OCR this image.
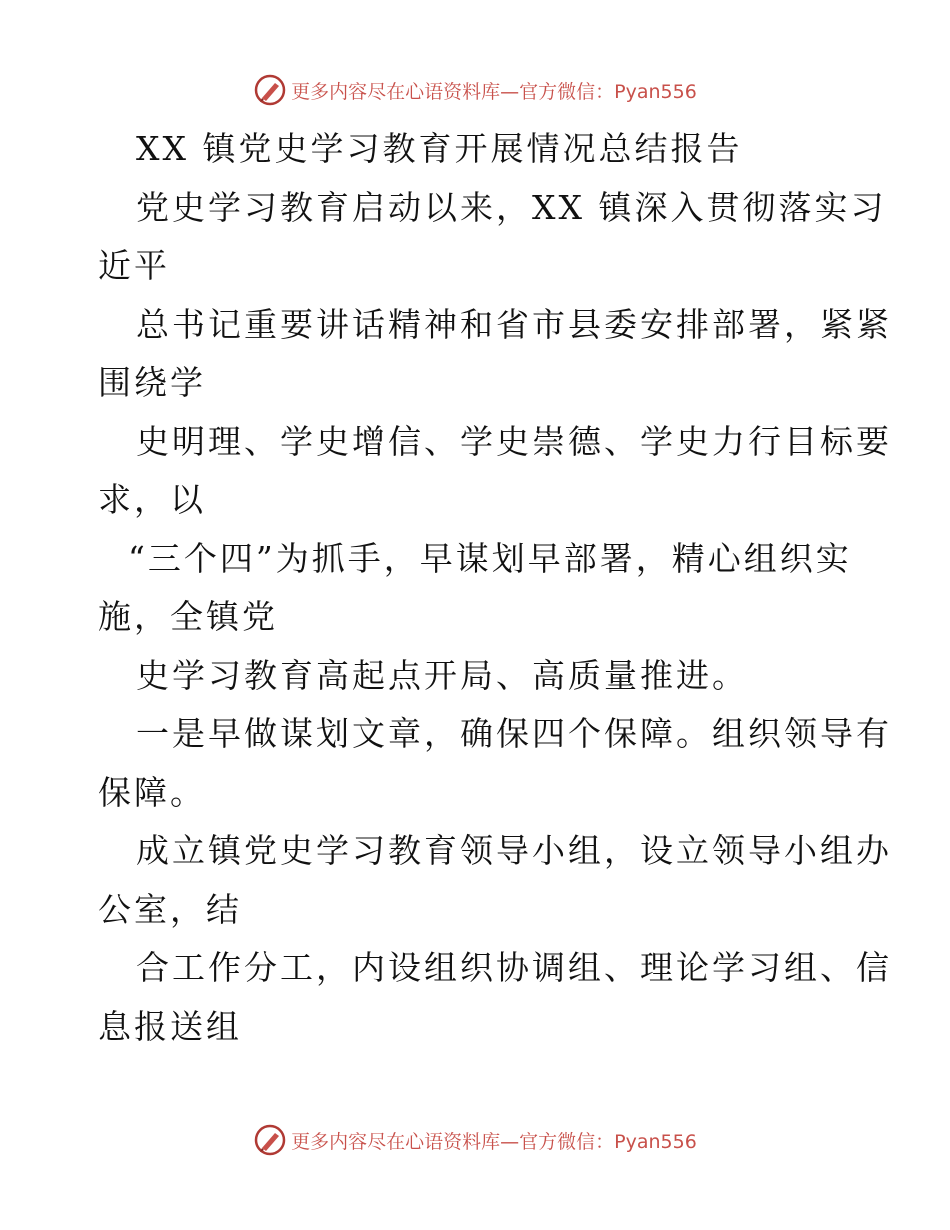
更多内容尽在心语资料库—官方微信：Pyan556
XX 镇党史学习教育开展情况总结报告
党史学习教育启动以来，XX 镇深入贯彻落实习
近平
总书记重要讲话精神和省市县委安排部署，紧紧
围绕学
史明理、学史增信、学史崇德、学史力行目标要
求，以
“三个四”为抓手，早谋划早部署，精心组织实
施，全镇党
史学习教育高起点开局、高质量推进。
一是早做谋划文章，确保四个保障。组织领导有
保障。
成立镇党史学习教育领导小组，设立领导小组办
公室，结
合工作分工，内设组织协调组、理论学习组、信
息报送组
更多内容尽在心语资料库—官方微信：Pyan556
